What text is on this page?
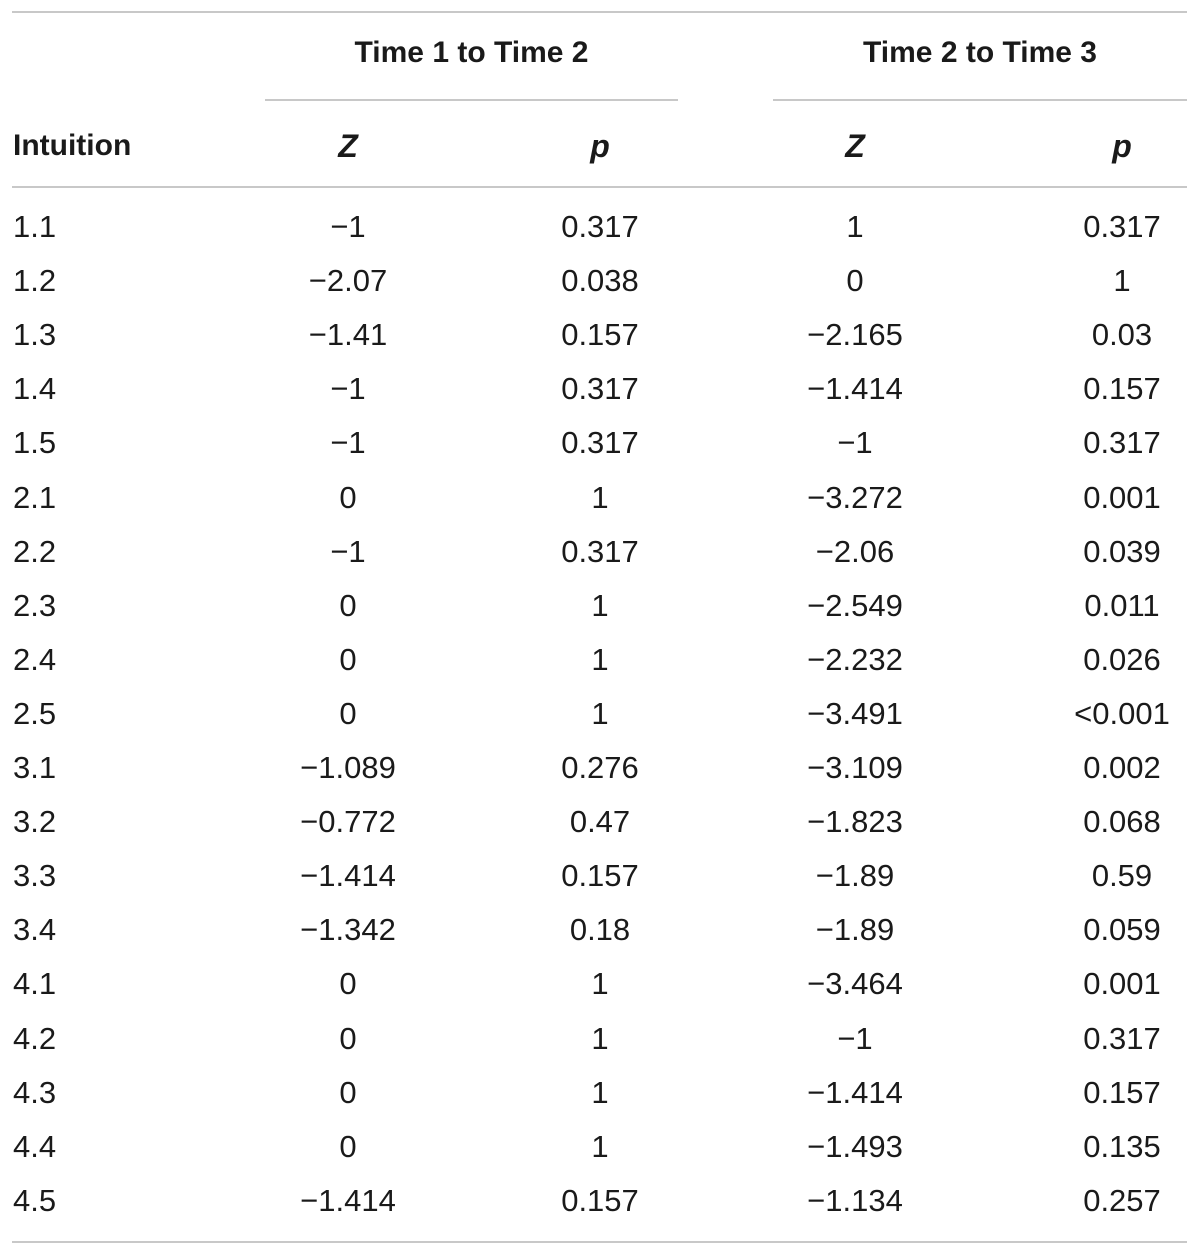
Time 1 to Time 2	Time 2 to Time 3
Intuition	Z	p	Z	p
1.1	−1	0.317	1	0.317
1.2	−2.07	0.038	0	1
1.3	−1.41	0.157	−2.165	0.03
1.4	−1	0.317	−1.414	0.157
1.5	−1	0.317	−1	0.317
2.1	0	1	−3.272	0.001
2.2	−1	0.317	−2.06	0.039
2.3	0	1	−2.549	0.011
2.4	0	1	−2.232	0.026
2.5	0	1	−3.491	<0.001
3.1	−1.089	0.276	−3.109	0.002
3.2	−0.772	0.47	−1.823	0.068
3.3	−1.414	0.157	−1.89	0.59
3.4	−1.342	0.18	−1.89	0.059
4.1	0	1	−3.464	0.001
4.2	0	1	−1	0.317
4.3	0	1	−1.414	0.157
4.4	0	1	−1.493	0.135
4.5	−1.414	0.157	−1.134	0.257
